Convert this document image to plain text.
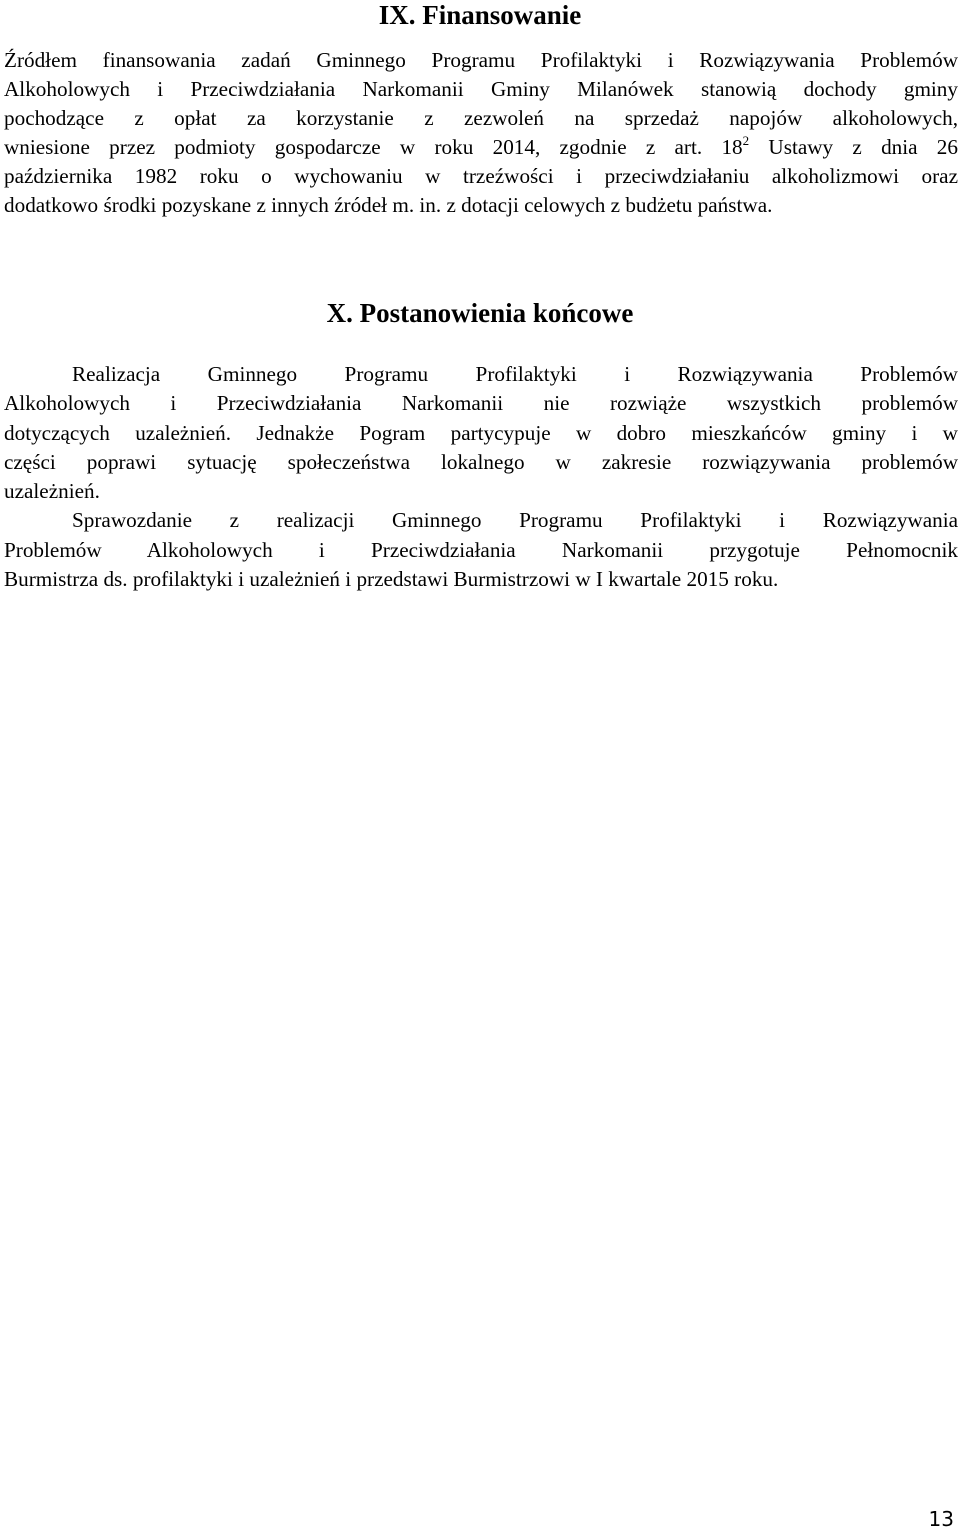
IX. Finansowanie
Źródłem finansowania zadań Gminnego Programu Profilaktyki i Rozwiązywania Problemów
Alkoholowych i Przeciwdziałania Narkomanii Gminy Milanówek stanowią dochody gminy
pochodzące z opłat za korzystanie z zezwoleń na sprzedaż napojów alkoholowych,
wniesione przez podmioty gospodarcze w roku 2014, zgodnie z art. $18^2$ Ustawy z dnia 26
października 1982 roku o wychowaniu w trzeźwości i przeciwdziałaniu alkoholizmowi oraz
dodatkowo środki pozyskane z innych źródeł m. in. z dotacji celowych z budżetu państwa.
X. Postanowienia końcowe
Realizacja Gminnego Programu Profilaktyki i Rozwiązywania Problemów
Alkoholowych i Przeciwdziałania Narkomanii nie rozwiąże wszystkich problemów
dotyczących uzależnień. Jednakże Pogram partycypuje w dobro mieszkańców gminy i w
części poprawi sytuację społeczeństwa lokalnego w zakresie rozwiązywania problemów
uzależnień.
Sprawozdanie z realizacji Gminnego Programu Profilaktyki i Rozwiązywania
Problemów Alkoholowych i Przeciwdziałania Narkomanii przygotuje Pełnomocnik
Burmistrza ds. profilaktyki i uzależnień i przedstawi Burmistrzowi w I kwartale 2015 roku.
13
